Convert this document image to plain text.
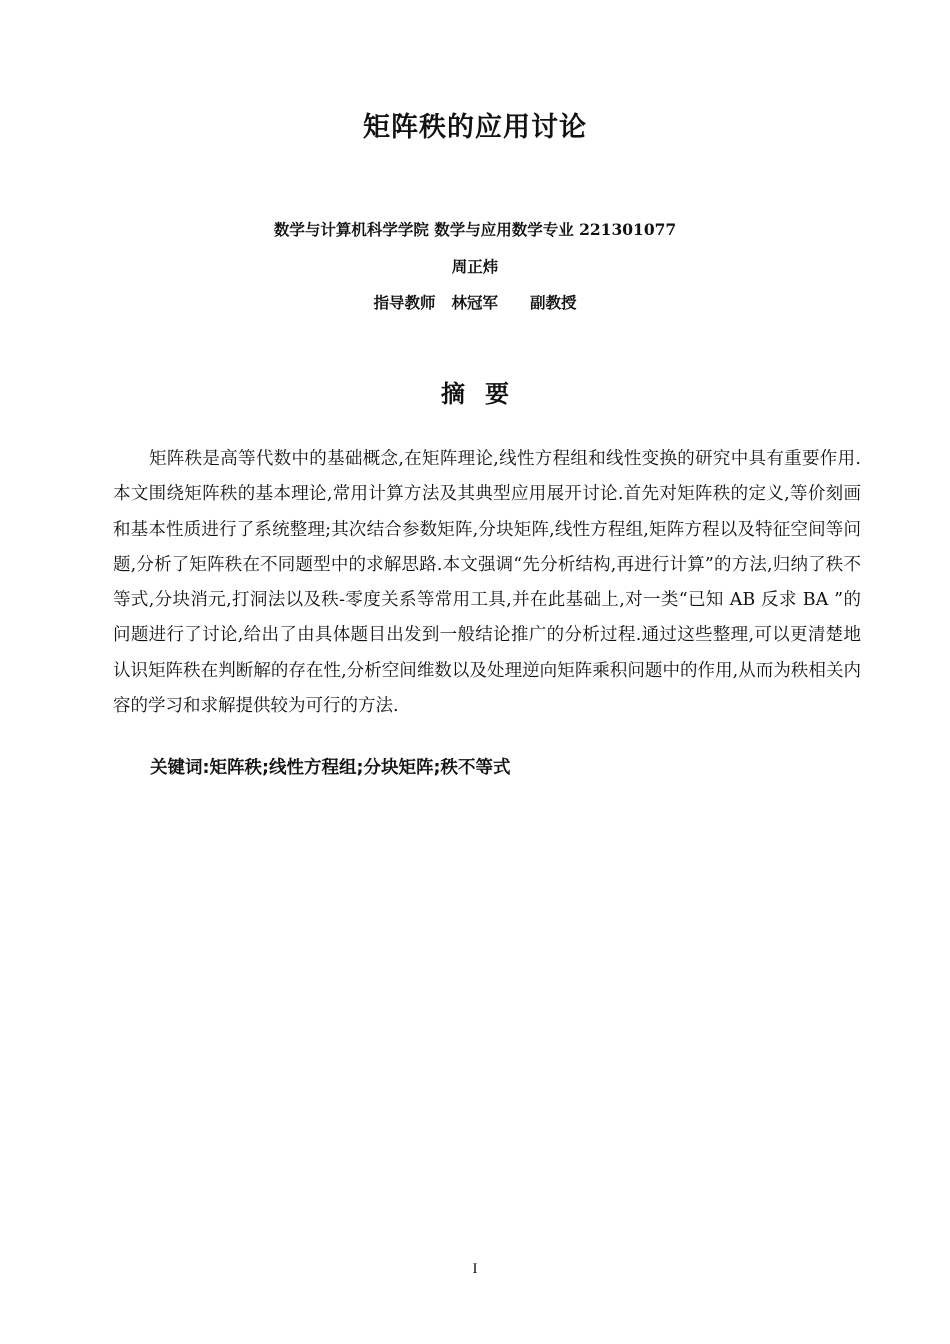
矩阵秩的应用讨论
数学与计算机科学学院 数学与应用数学专业 221301077
周正炜
指导教师 林冠军 副教授
摘要

矩阵秩是高等代数中的基础概念,在矩阵理论,线性方程组和线性变换的研究中具有重要作用.本文围绕矩阵秩的基本理论,常用计算方法及其典型应用展开讨论.首先对矩阵秩的定义,等价刻画和基本性质进行了系统整理;其次结合参数矩阵,分块矩阵,线性方程组,矩阵方程以及特征空间等问题,分析了矩阵秩在不同题型中的求解思路.本文强调“先分析结构,再进行计算”的方法,归纳了秩不等式,分块消元,打洞法以及秩-零度关系等常用工具,并在此基础上,对一类“已知 AB 反求 BA ”的问题进行了讨论,给出了由具体题目出发到一般结论推广的分析过程.通过这些整理,可以更清楚地认识矩阵秩在判断解的存在性,分析空间维数以及处理逆向矩阵乘积问题中的作用,从而为秩相关内容的学习和求解提供较为可行的方法.

关键词:矩阵秩;线性方程组;分块矩阵;秩不等式
I
